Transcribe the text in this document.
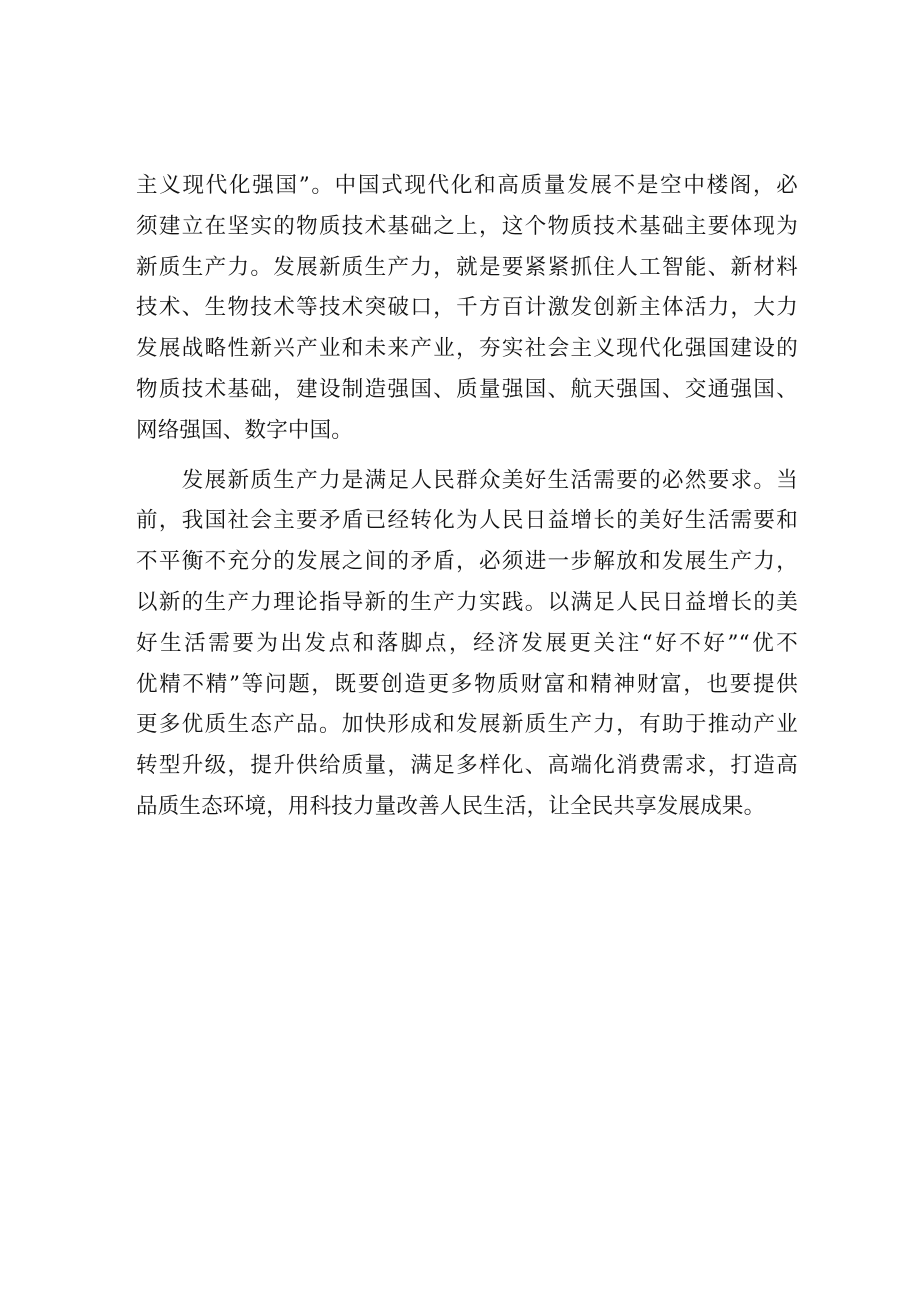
主义现代化强国”。中国式现代化和高质量发展不是空中楼阁，必
须建立在坚实的物质技术基础之上，这个物质技术基础主要体现为
新质生产力。发展新质生产力，就是要紧紧抓住人工智能、新材料
技术、生物技术等技术突破口，千方百计激发创新主体活力，大力
发展战略性新兴产业和未来产业，夯实社会主义现代化强国建设的
物质技术基础，建设制造强国、质量强国、航天强国、交通强国、
网络强国、数字中国。
　　发展新质生产力是满足人民群众美好生活需要的必然要求。当
前，我国社会主要矛盾已经转化为人民日益增长的美好生活需要和
不平衡不充分的发展之间的矛盾，必须进一步解放和发展生产力，
以新的生产力理论指导新的生产力实践。以满足人民日益增长的美
好生活需要为出发点和落脚点，经济发展更关注“好不好”“优不
优精不精”等问题，既要创造更多物质财富和精神财富，也要提供
更多优质生态产品。加快形成和发展新质生产力，有助于推动产业
转型升级，提升供给质量，满足多样化、高端化消费需求，打造高
品质生态环境，用科技力量改善人民生活，让全民共享发展成果。
